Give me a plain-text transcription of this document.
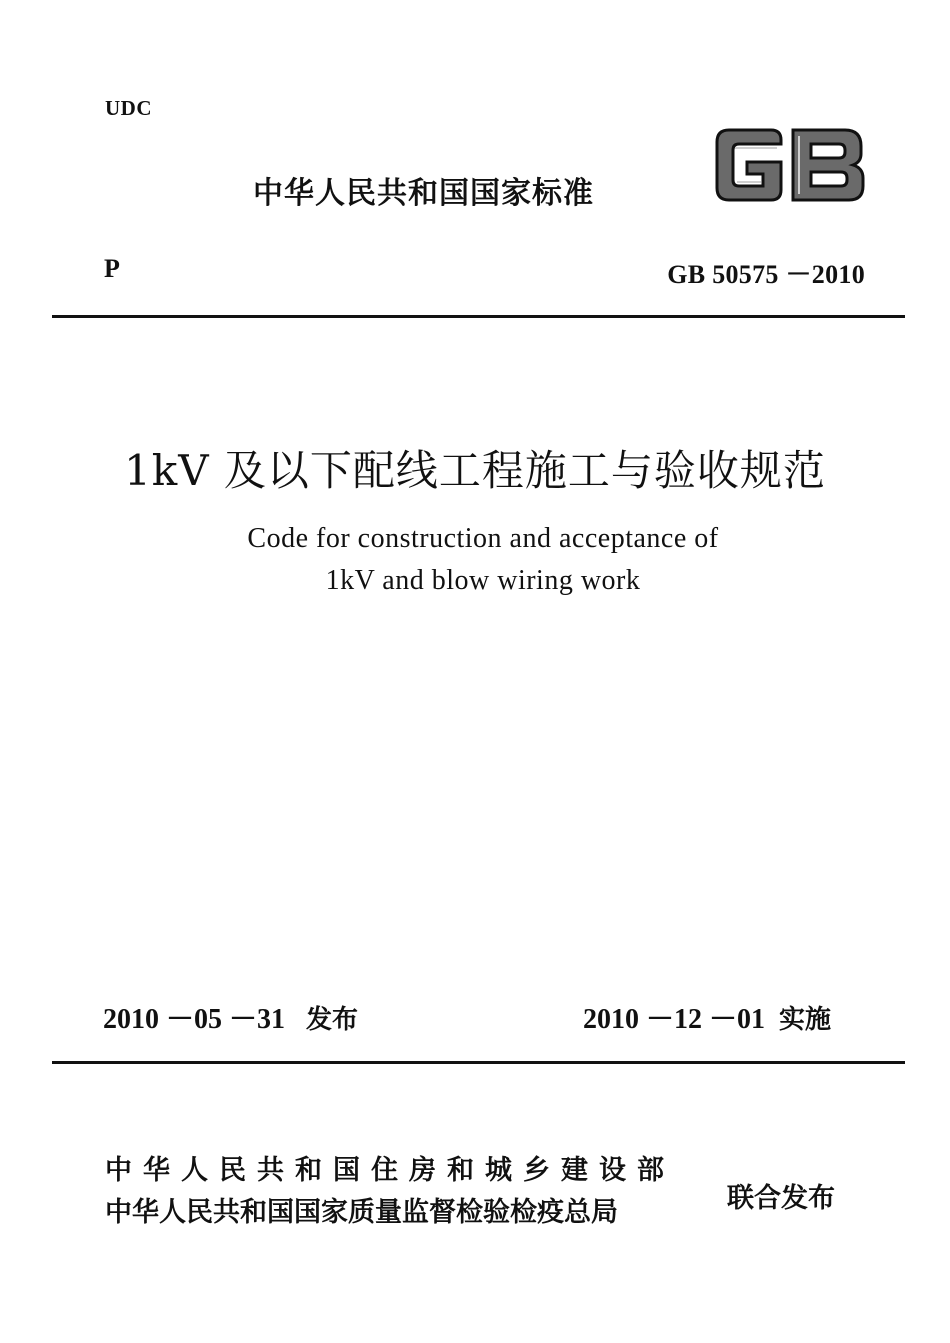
UDC
中华人民共和国国家标准
P	GB 50575 －2010
1kV 及以下配线工程施工与验收规范
Code for construction and acceptance of
1kV and blow wiring work
2010 －05 －31 发布	2010 －12 －01 实施
中华人民共和国住房和城乡建设部
中华人民共和国国家质量监督检验检疫总局	联合发布
